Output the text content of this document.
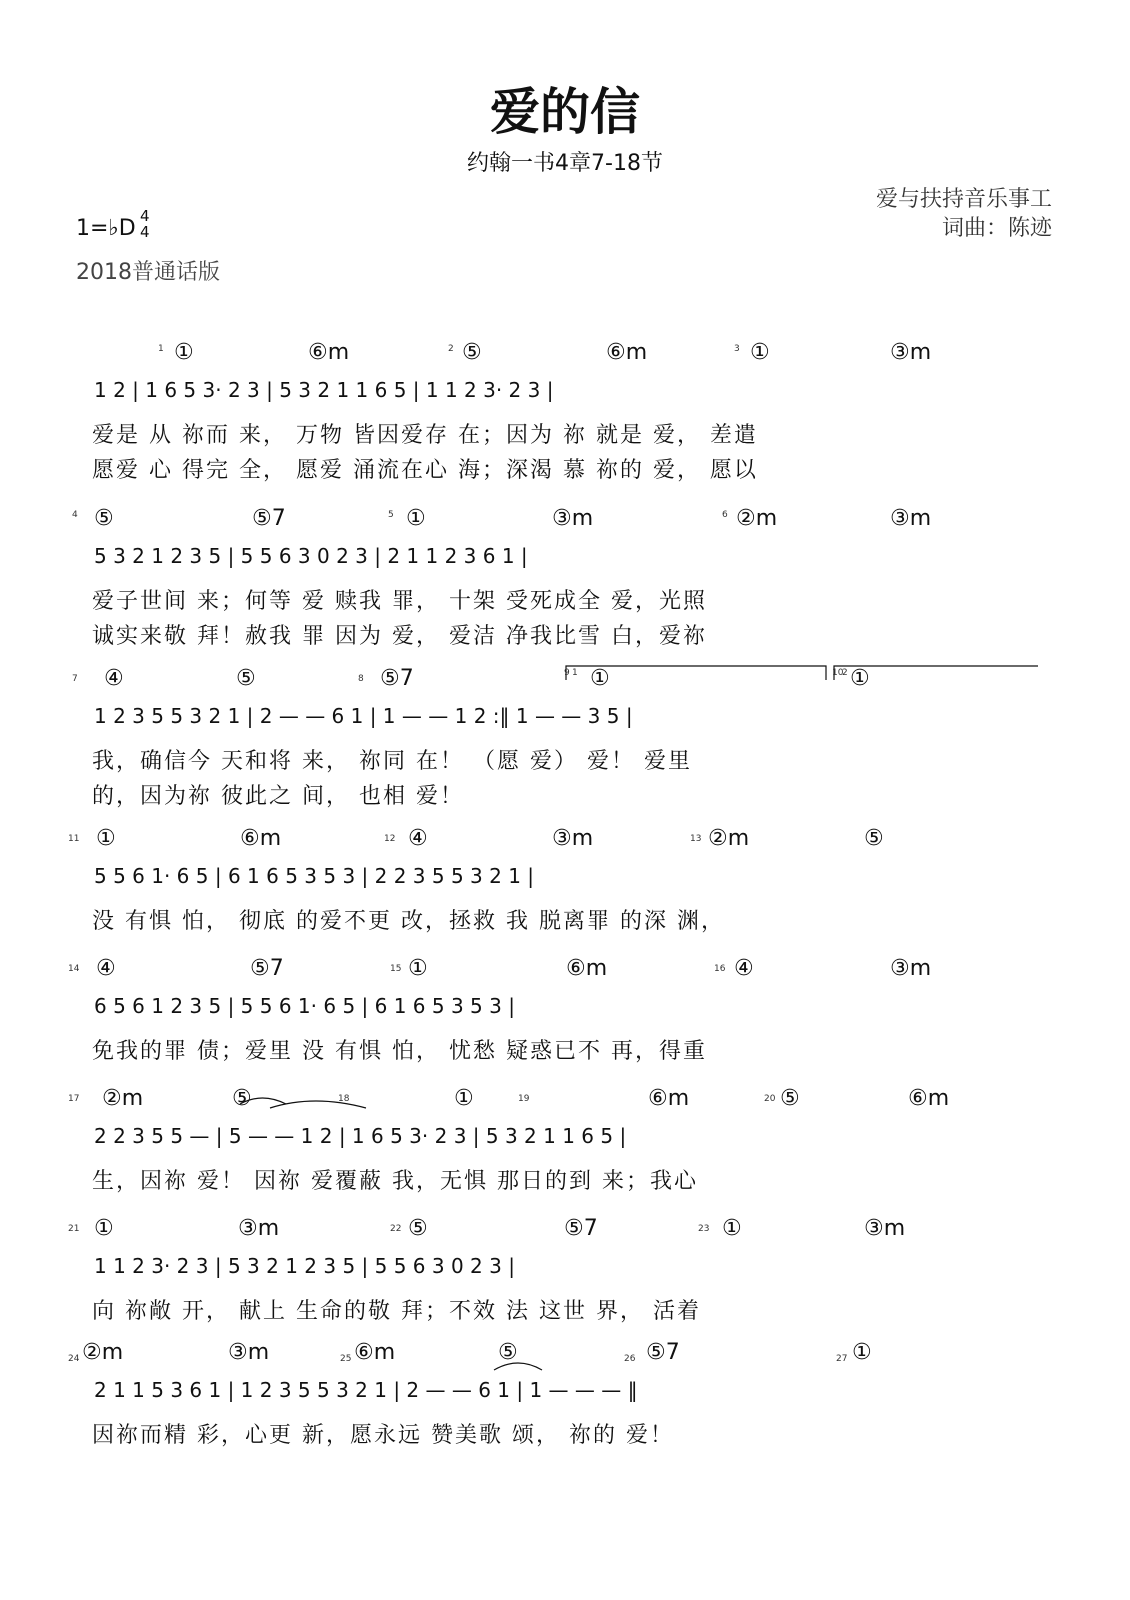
爱的信
约翰一书4章7-18节
爱与扶持音乐事工
词曲：陈迹
1=♭D 4
4
2018普通话版
1	2	3
①	⑥m	⑤	⑥m	①	③m
1 2 | 1 6 5 3· 2 3 | 5 3 2 1 1 6 5 | 1 1 2 3· 2 3 |
爱是 从 祢而 来， 万物 皆因爱存 在；因为 祢 就是 爱， 差遣
愿爱 心 得完 全， 愿爱 涌流在心 海；深渴 慕 祢的 爱， 愿以
4	5	6
⑤	⑤7	①	③m	②m	③m
5 3 2 1 2 3 5 | 5 5 6 3 0 2 3 | 2 1 1 2 3 6 1 |
爱子世间 来；何等 爱 赎我 罪， 十架 受死成全 爱，光照
诚实来敬 拜！赦我 罪 因为 爱， 爱洁 净我比雪 白，爱祢
7	8
9	10
1	2
④	⑤	⑤7	①	①
1 2 3 5 5 3 2 1 | 2 — — 6 1 | 1 — — 1 2 :‖ 1 — — 3 5 |
我，确信今 天和将 来， 祢同 在！ （愿 爱） 爱！ 爱里
的，因为祢 彼此之 间， 也相 爱！
11	12	13
①	⑥m	④	③m	②m	⑤
5 5 6 1· 6 5 | 6 1 6 5 3 5 3 | 2 2 3 5 5 3 2 1 |
没 有惧 怕， 彻底 的爱不更 改，拯救 我 脱离罪 的深 渊，
14	15	16
④	⑤7	①	⑥m	④	③m
6 5 6 1 2 3 5 | 5 5 6 1· 6 5 | 6 1 6 5 3 5 3 |
免我的罪 债；爱里 没 有惧 怕， 忧愁 疑惑已不 再，得重
17	18	19	20
②m	⑤	①	⑥m	⑤	⑥m
2 2 3 5 5 — | 5 — — 1 2 | 1 6 5 3· 2 3 | 5 3 2 1 1 6 5 |
生，因祢 爱！ 因祢 爱覆蔽 我，无惧 那日的到 来；我心
21	22	23
①	③m	⑤	⑤7	①	③m
1 1 2 3· 2 3 | 5 3 2 1 2 3 5 | 5 5 6 3 0 2 3 |
向 祢敞 开， 献上 生命的敬 拜；不效 法 这世 界， 活着
24	25	26	27
②m	③m	⑥m	⑤	⑤7	①
2 1 1 5 3 6 1 | 1 2 3 5 5 3 2 1 | 2 — — 6 1 | 1 — — — ‖
因祢而精 彩，心更 新，愿永远 赞美歌 颂， 祢的 爱！
